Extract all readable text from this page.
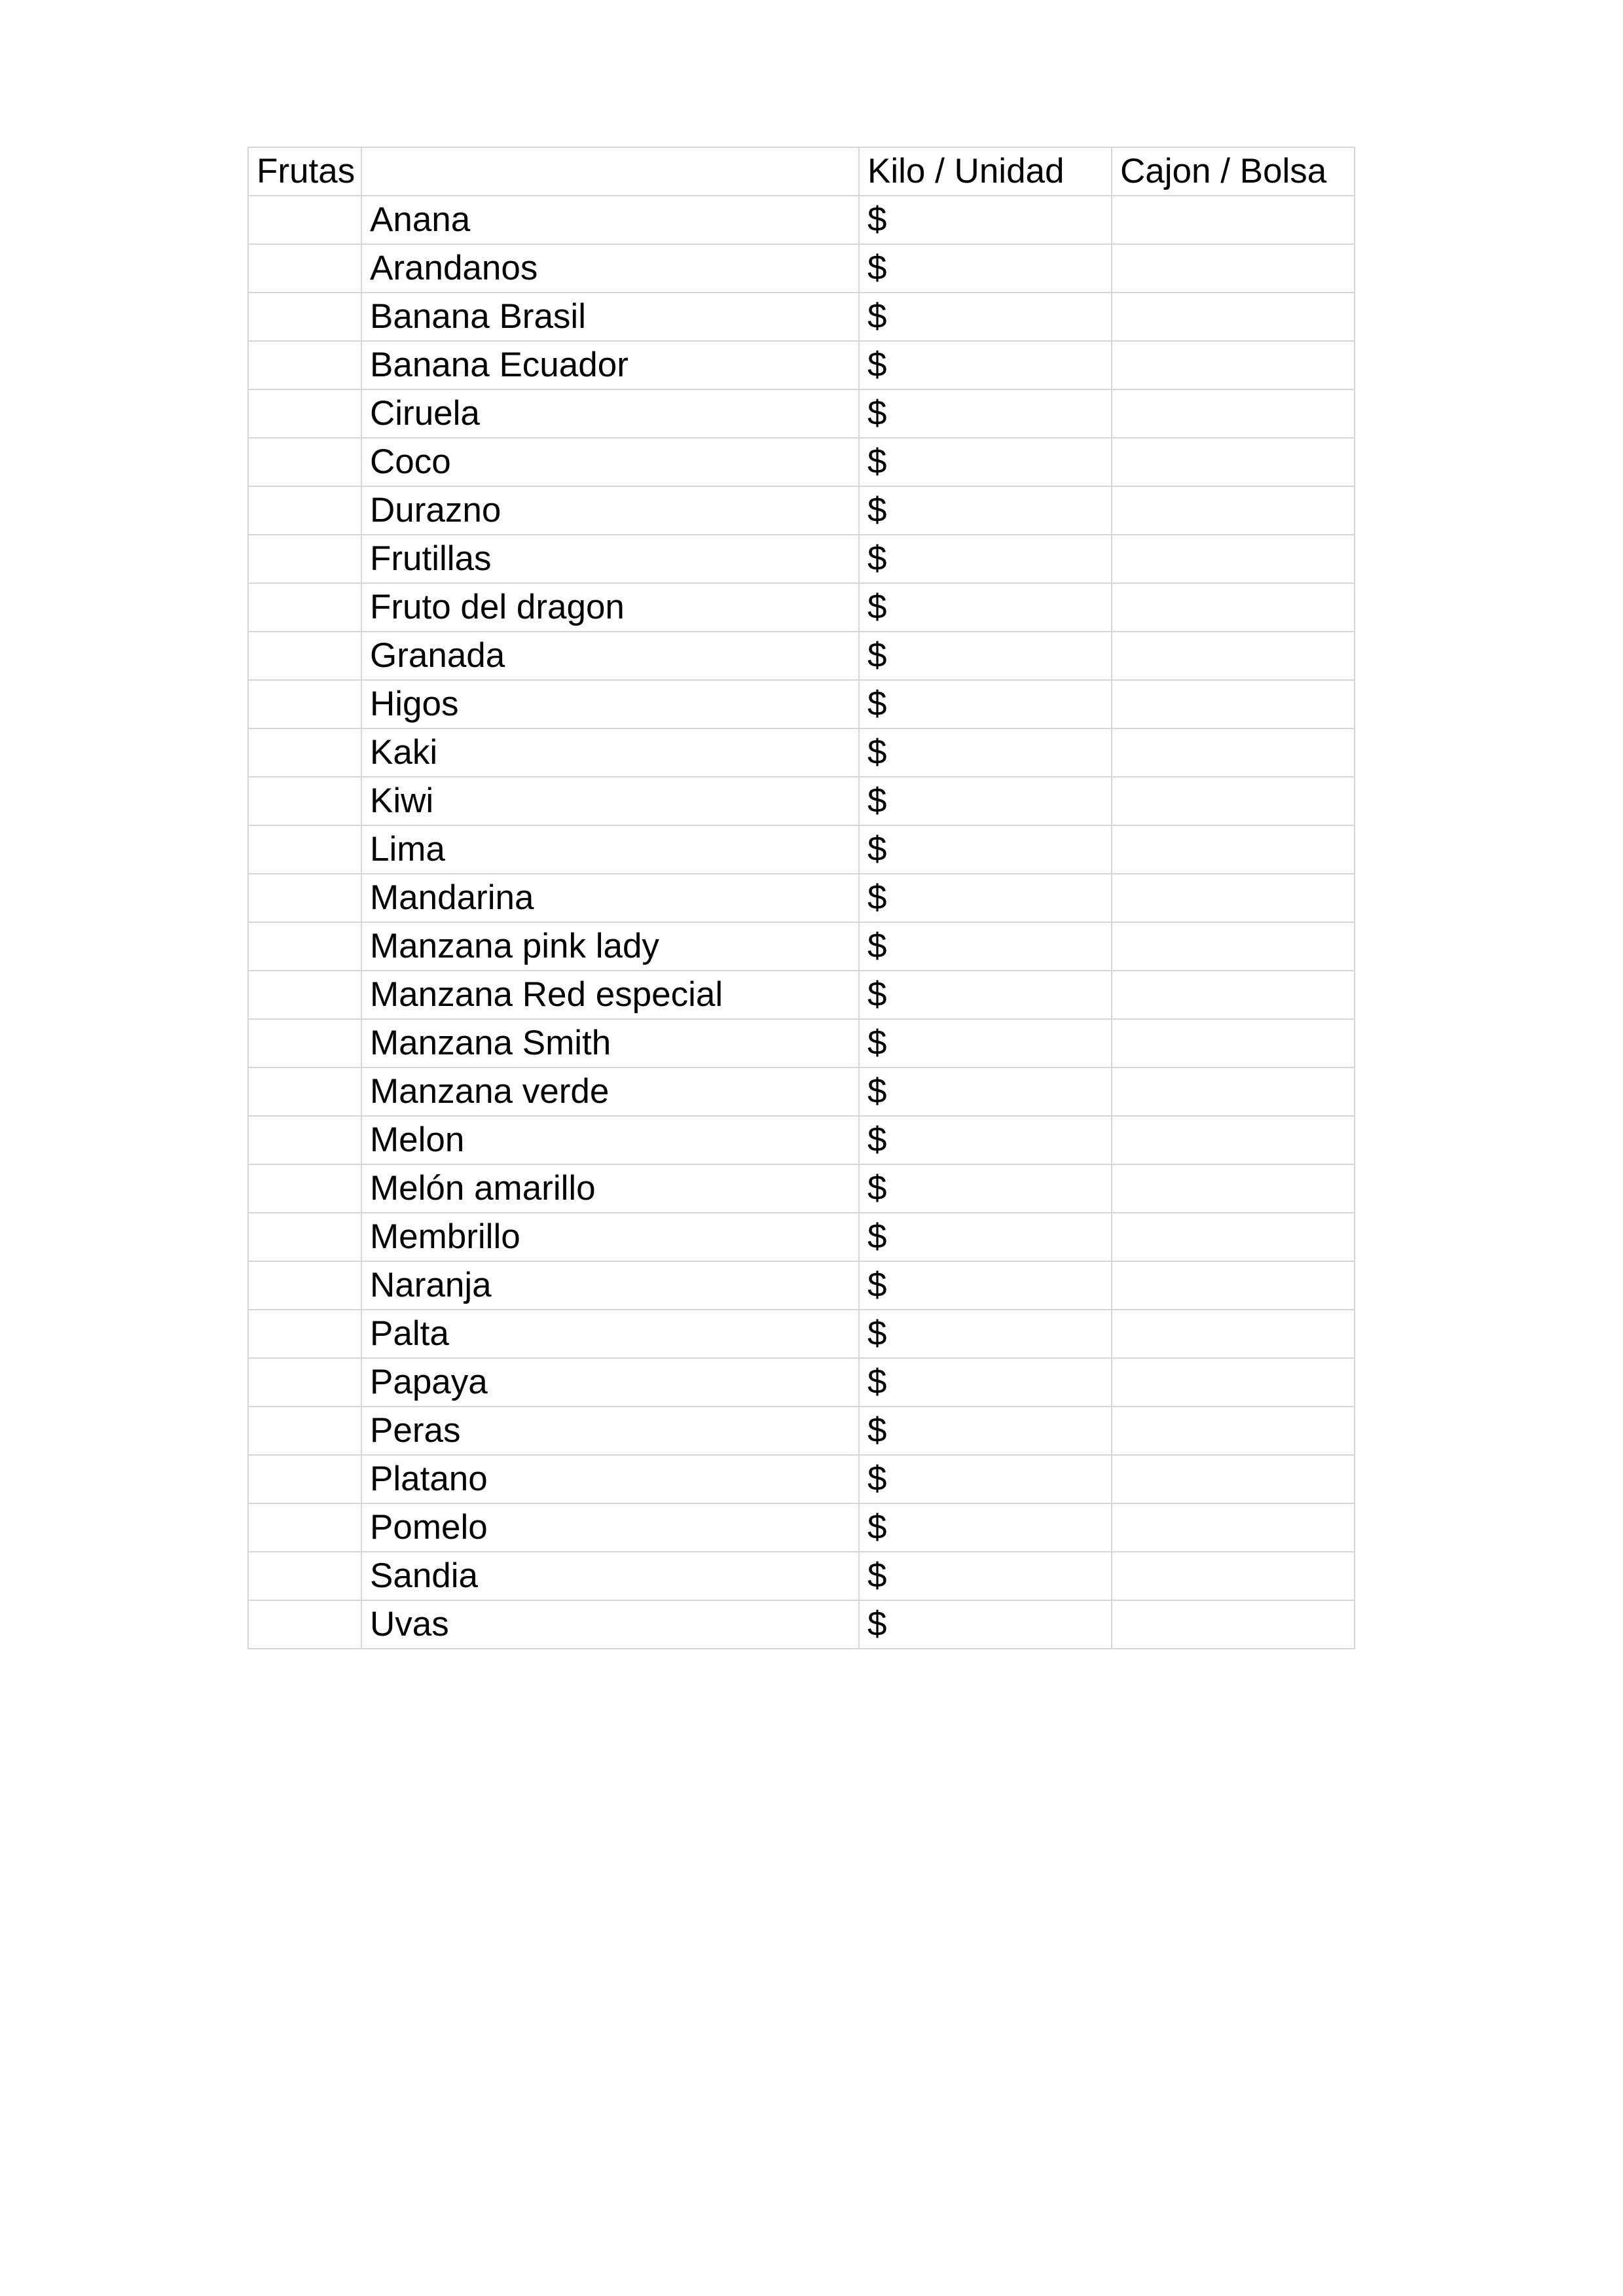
Frutas		Kilo / Unidad	Cajon / Bolsa
	Anana	$	
	Arandanos	$	
	Banana Brasil	$	
	Banana Ecuador	$	
	Ciruela	$	
	Coco	$	
	Durazno	$	
	Frutillas	$	
	Fruto del dragon	$	
	Granada	$	
	Higos	$	
	Kaki	$	
	Kiwi	$	
	Lima	$	
	Mandarina	$	
	Manzana pink lady	$	
	Manzana Red especial	$	
	Manzana Smith	$	
	Manzana verde	$	
	Melon	$	
	Melón amarillo	$	
	Membrillo	$	
	Naranja	$	
	Palta	$	
	Papaya	$	
	Peras	$	
	Platano	$	
	Pomelo	$	
	Sandia	$	
	Uvas	$	
